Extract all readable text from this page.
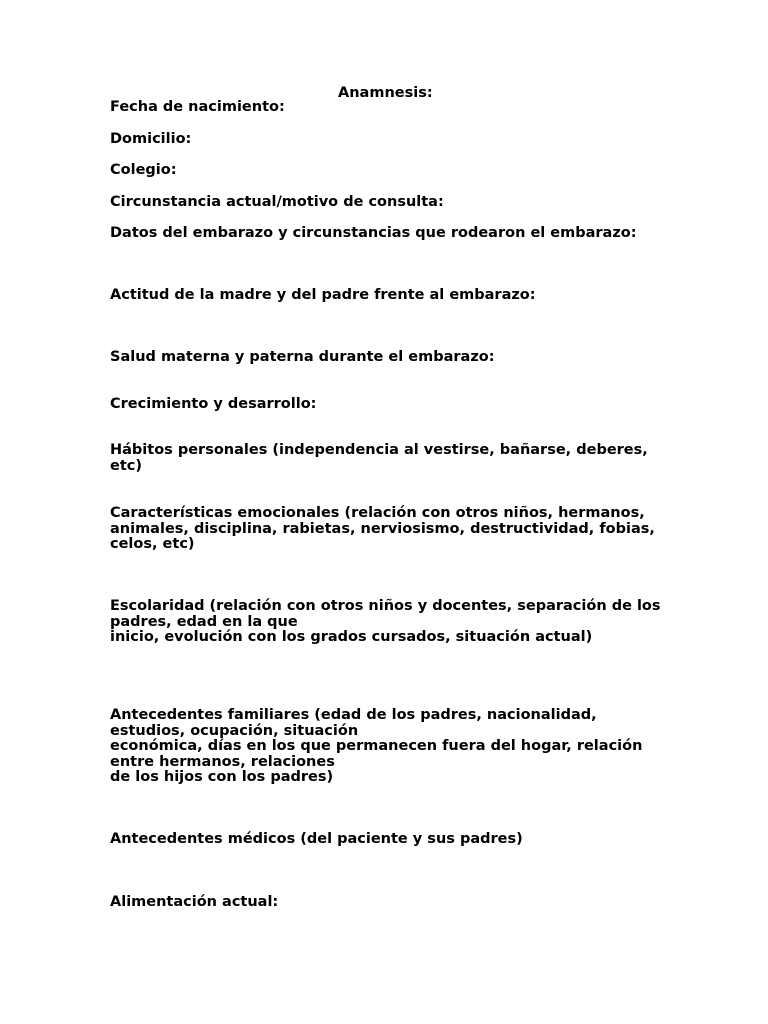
Anamnesis:
Fecha de nacimiento:
Domicilio:
Colegio:
Circunstancia actual/motivo de consulta:
Datos del embarazo y circunstancias que rodearon el embarazo:
Actitud de la madre y del padre frente al embarazo:
Salud materna y paterna durante el embarazo:
Crecimiento y desarrollo:
Hábitos personales (independencia al vestirse, bañarse, deberes,
etc)
Características emocionales (relación con otros niños, hermanos,
animales, disciplina, rabietas, nerviosismo, destructividad, fobias,
celos, etc)
Escolaridad (relación con otros niños y docentes, separación de los
padres, edad en la que
inicio, evolución con los grados cursados, situación actual)
Antecedentes familiares (edad de los padres, nacionalidad,
estudios, ocupación, situación
económica, días en los que permanecen fuera del hogar, relación
entre hermanos, relaciones
de los hijos con los padres)
Antecedentes médicos (del paciente y sus padres)
Alimentación actual:
